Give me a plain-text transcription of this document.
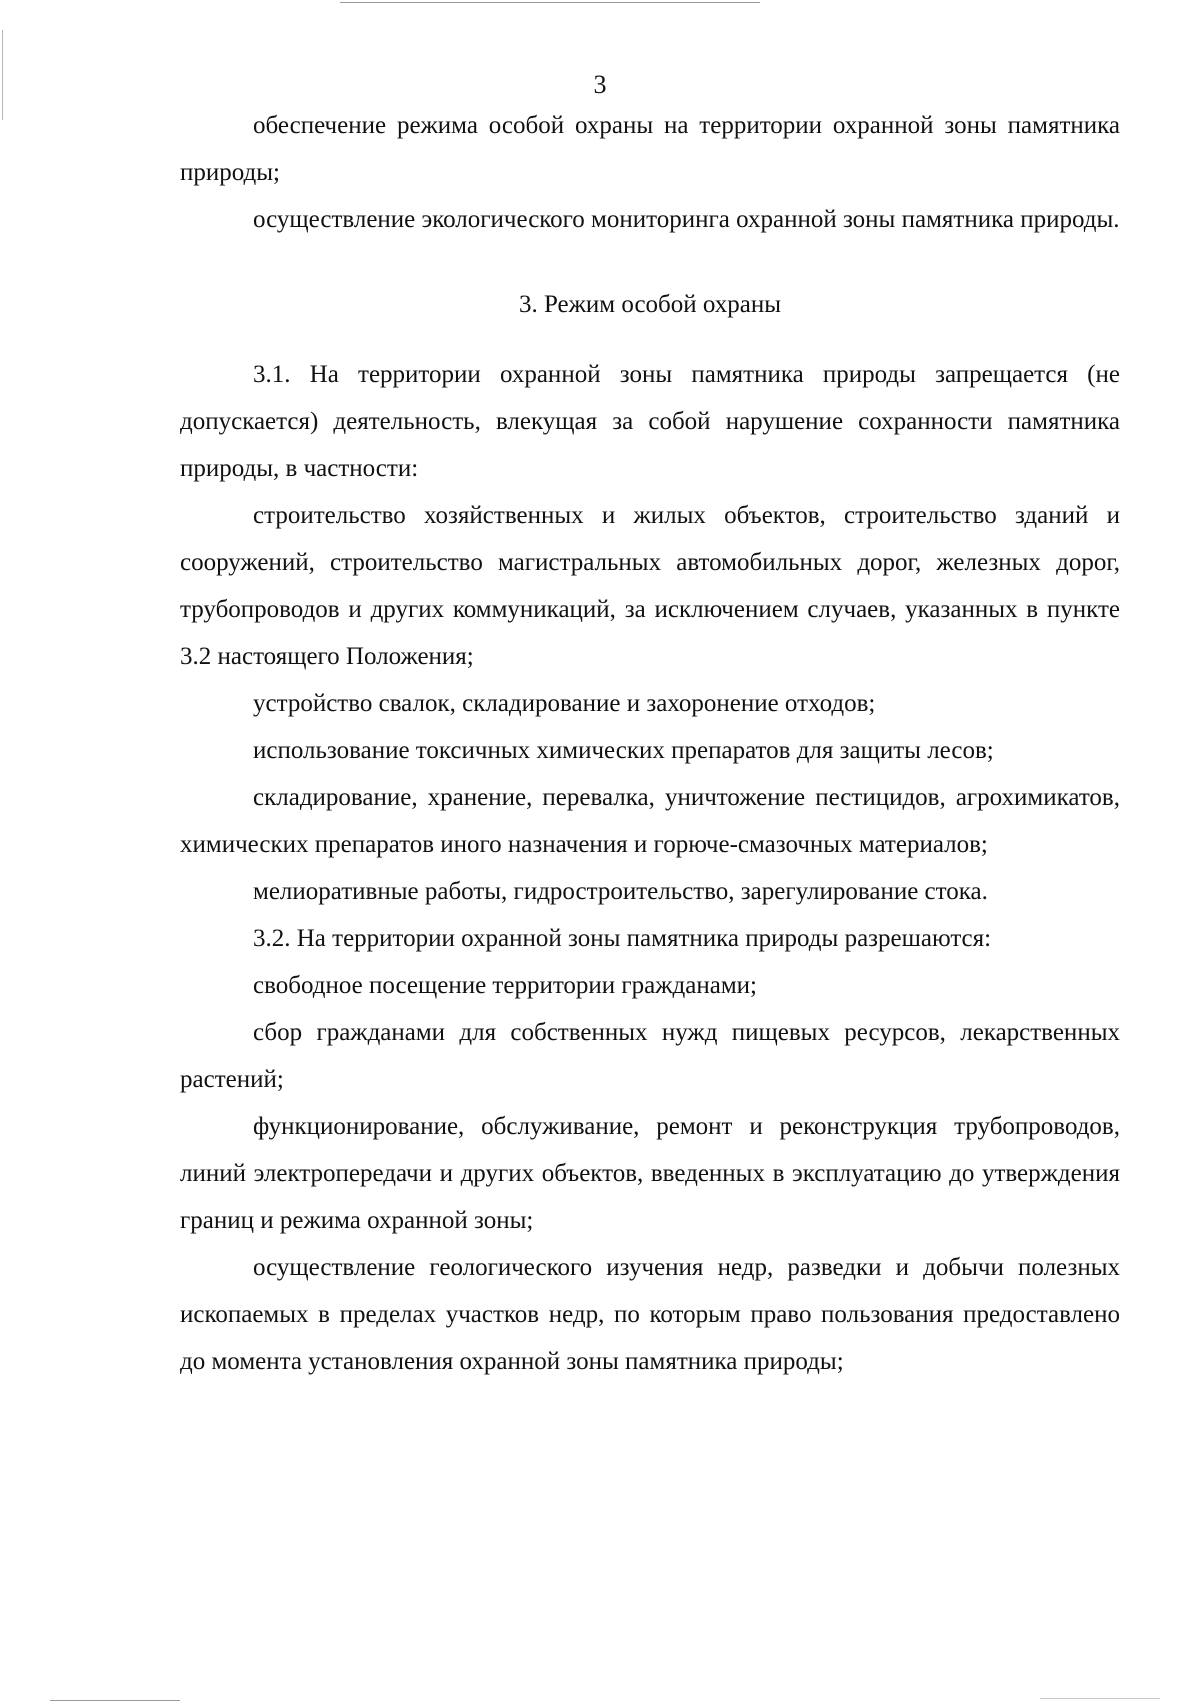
3

обеспечение режима особой охраны на территории охранной зоны памятника природы;

осуществление экологического мониторинга охранной зоны памятника природы.

3. Режим особой охраны

3.1. На территории охранной зоны памятника природы запрещается (не допускается) деятельность, влекущая за собой нарушение сохранности памятника природы, в частности:

строительство хозяйственных и жилых объектов, строительство зданий и сооружений, строительство магистральных автомобильных дорог, железных дорог, трубопроводов и других коммуникаций, за исключением случаев, указанных в пункте 3.2 настоящего Положения;

устройство свалок, складирование и захоронение отходов;

использование токсичных химических препаратов для защиты лесов;

складирование, хранение, перевалка, уничтожение пестицидов, агрохимикатов, химических препаратов иного назначения и горюче-смазочных материалов;

мелиоративные работы, гидростроительство, зарегулирование стока.

3.2. На территории охранной зоны памятника природы разрешаются:

свободное посещение территории гражданами;

сбор гражданами для собственных нужд пищевых ресурсов, лекарственных растений;

функционирование, обслуживание, ремонт и реконструкция трубопроводов, линий электропередачи и других объектов, введенных в эксплуатацию до утверждения границ и режима охранной зоны;

осуществление геологического изучения недр, разведки и добычи полезных ископаемых в пределах участков недр, по которым право пользования предоставлено до момента установления охранной зоны памятника природы;
